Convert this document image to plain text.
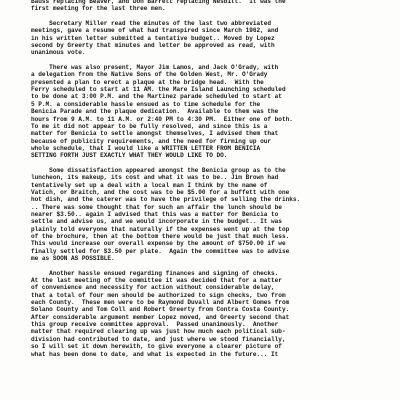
Bauss replacing Beaver, and Don Barrett replacing Nesbitt.  It was the
first meeting for the last three men.
Secretary Miller read the minutes of the last two abbreviated
meetings, gave a resume of what had transpired since March 1962, and
in his written letter submitted a tentative budget.. Moved by Lopez
second by Greerty that minutes and letter be approved as read, with
unanimous vote.
There was also present, Mayor Jim Lamos, and Jack O'Grady, with
a delegation from the Native Sons of the Golden West, Mr. O'Grady
presented a plan to erect a plaque at the bridge head.  With the
Ferry scheduled to start at 11 AM. the Mare Island Launching scheduled
to be done at 3:00 P.M. and the Martinez parade scheduled to start at
5 P.M. a considerable hassle ensued as to time schedule for the
Benicia Parade and the plaque dedication.  Available to them was the
hours from 9 A.M. to 11 A.M. or 2:40 PM to 4:30 PM.  Either one of both.
To me it did not appear to be fully resolved, and since this is a
matter for Benicia to settle amongst themselves, I advised them that
because of publicity requirements, and the need for firming up our
whole schedule, that I would like a WRITTEN LETTER FROM BENICIA
SETTING FORTH JUST EXACTLY WHAT THEY WOULD LIKE TO DO.
Some dissatisfaction appeared amongst the Benicia group as to the
luncheon, its makeup, its cost and what it was to be.. Jim Brown had
tentatively set up a deal with a local man I think by the name of
Vatich, or Braitch, and the cost was to be $5.00 for a buffett with one
hot dish, and the caterer was to have the privilege of selling the drinks.
.. There was some thought that for such an affair the lunch should be
nearer $3.50.. again I advised that this was a matter for Benicia to
settle and advise us, and we would incorporate in the budget.. It was
plainly told everyone that naturally if the expenses went up at the top
of the brochure, then at the bottom there would be just that much less.
This would increase our overall expense by the amount of $750.00 if we
finally settled for $3.50 per plate.  Again the committee was to advise
me as SOON AS POSSIBLE.
Another hassle ensued regarding finances and signing of checks.
At the last meeting of the committee it was decided that for a matter
of convenience and necessity for action without considerable delay,
that a total of four men should be authorized to sign checks, two from
each County.  These men were to be Raymond Duvall and Albert Gomes from
Solano County and Tom Coll and Robert Greerty from Contra Costa County.
After considerable argument member Lopez moved, and Greerty second that
this group receive committee approval.  Passed unanimously.  Another
matter that required clearing up was just how much each political sub-
division had contributed to date, and just where we stood financially,
so I will set it down herewith, to give everyone a clearer picture of
what has been done to date, and what is expected in the future... It
